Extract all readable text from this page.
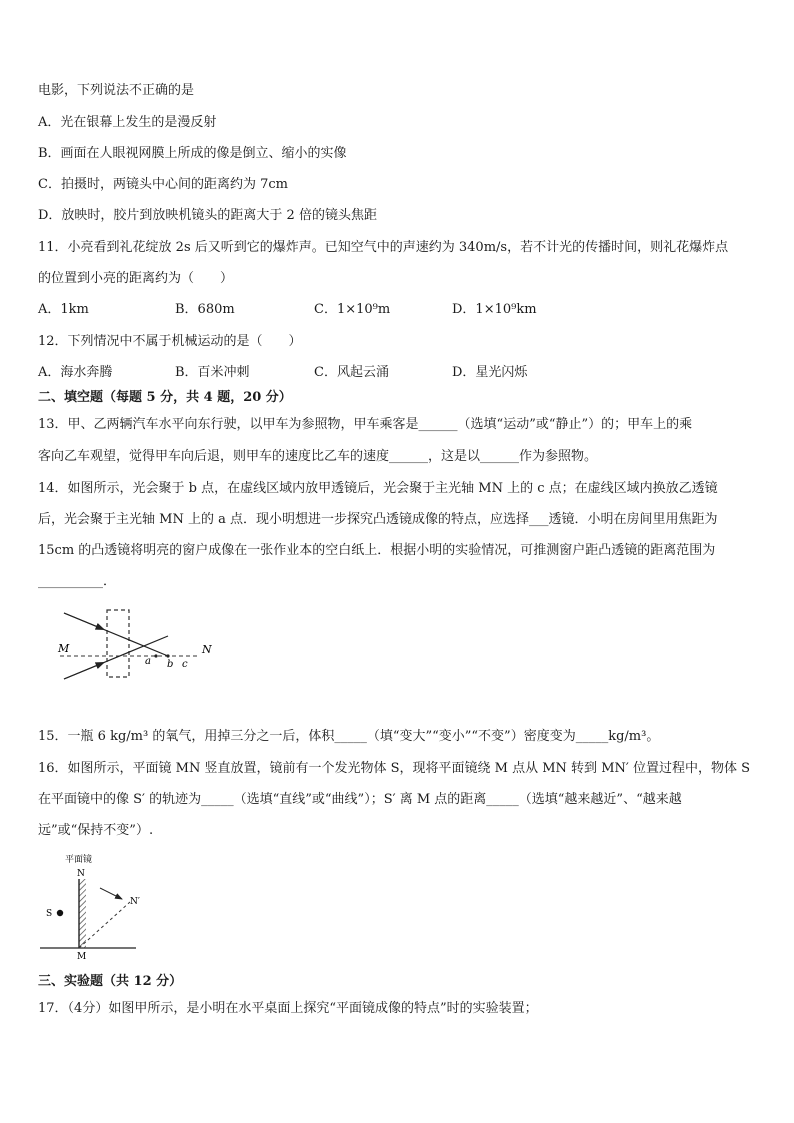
电影，下列说法不正确的是
A．光在银幕上发生的是漫反射
B．画面在人眼视网膜上所成的像是倒立、缩小的实像
C．拍摄时，两镜头中心间的距离约为 7cm
D．放映时，胶片到放映机镜头的距离大于 2 倍的镜头焦距
11．小亮看到礼花绽放 2s 后又听到它的爆炸声。已知空气中的声速约为 340m/s，若不计光的传播时间，则礼花爆炸点
的位置到小亮的距离约为（　　）
A．1km	B．680m	C．1×10⁹m	D．1×10⁹km
12．下列情况中不属于机械运动的是（　　）
A．海水奔腾	B．百米冲刺	C．风起云涌	D．星光闪烁
二、填空题（每题 5 分，共 4 题，20 分）
13．甲、乙两辆汽车水平向东行驶，以甲车为参照物，甲车乘客是______（选填“运动”或“静止”）的；甲车上的乘
客向乙车观望，觉得甲车向后退，则甲车的速度比乙车的速度______，这是以______作为参照物。
14．如图所示，光会聚于 b 点，在虚线区域内放甲透镜后，光会聚于主光轴 MN 上的 c 点；在虚线区域内换放乙透镜
后，光会聚于主光轴 MN 上的 a 点．现小明想进一步探究凸透镜成像的特点，应选择___透镜．小明在房间里用焦距为
15cm 的凸透镜将明亮的窗户成像在一张作业本的空白纸上．根据小明的实验情况，可推测窗户距凸透镜的距离范围为
__________．
M	N
a b c
15．一瓶 6 kg/m³ 的氧气，用掉三分之一后，体积_____（填“变大”“变小”“不变”）密度变为_____kg/m³。
16．如图所示，平面镜 MN 竖直放置，镜前有一个发光物体 S，现将平面镜绕 M 点从 MN 转到 MN′ 位置过程中，物体 S
在平面镜中的像 S′ 的轨迹为_____（选填“直线”或“曲线”）；S′ 离 M 点的距离_____（选填“越来越近”、“越来越
远”或“保持不变”）.
平面镜
N
N′
S
M
三、实验题（共 12 分）
17．（4分）如图甲所示，是小明在水平桌面上探究“平面镜成像的特点”时的实验装置；
